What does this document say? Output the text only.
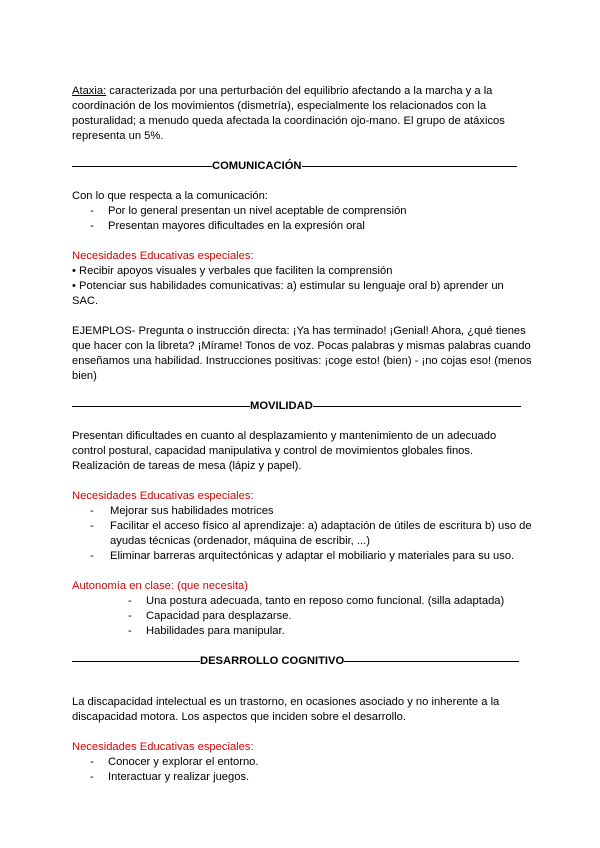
Ataxia: caracterizada por una perturbación del equilibrio afectando a la marcha y a la coordinación de los movimientos (dismetría), especialmente los relacionados con la posturalidad; a menudo queda afectada la coordinación ojo-mano. El grupo de atáxicos representa un 5%.

COMUNICACIÓN

Con lo que respecta a la comunicación:

- Por lo general presentan un nivel aceptable de comprensión
- Presentan mayores dificultades en la expresión oral

Necesidades Educativas especiales:

• Recibir apoyos visuales y verbales que faciliten la comprensión

• Potenciar sus habilidades comunicativas: a) estimular su lenguaje oral b) aprender un SAC.

EJEMPLOS- Pregunta o instrucción directa: ¡Ya has terminado! ¡Genial! Ahora, ¿qué tienes que hacer con la libreta? ¡Mírame! Tonos de voz. Pocas palabras y mismas palabras cuando enseñamos una habilidad. Instrucciones positivas: ¡coge esto! (bien) - ¡no cojas eso! (menos bien)

MOVILIDAD

Presentan dificultades en cuanto al desplazamiento y mantenimiento de un adecuado control postural, capacidad manipulativa y control de movimientos globales finos. Realización de tareas de mesa (lápiz y papel).

Necesidades Educativas especiales:

- Mejorar sus habilidades motrices
- Facilitar el acceso físico al aprendizaje: a) adaptación de útiles de escritura b) uso de ayudas técnicas (ordenador, máquina de escribir, ...)
- Eliminar barreras arquitectónicas y adaptar el mobiliario y materiales para su uso.

Autonomía en clase: (que necesita)

- Una postura adecuada, tanto en reposo como funcional. (silla adaptada)
- Capacidad para desplazarse.
- Habilidades para manipular.
DESARROLLO COGNITIVO

La discapacidad intelectual es un trastorno, en ocasiones asociado y no inherente a la discapacidad motora. Los aspectos que inciden sobre el desarrollo.

Necesidades Educativas especiales:

- Conocer y explorar el entorno.
- Interactuar y realizar juegos.
